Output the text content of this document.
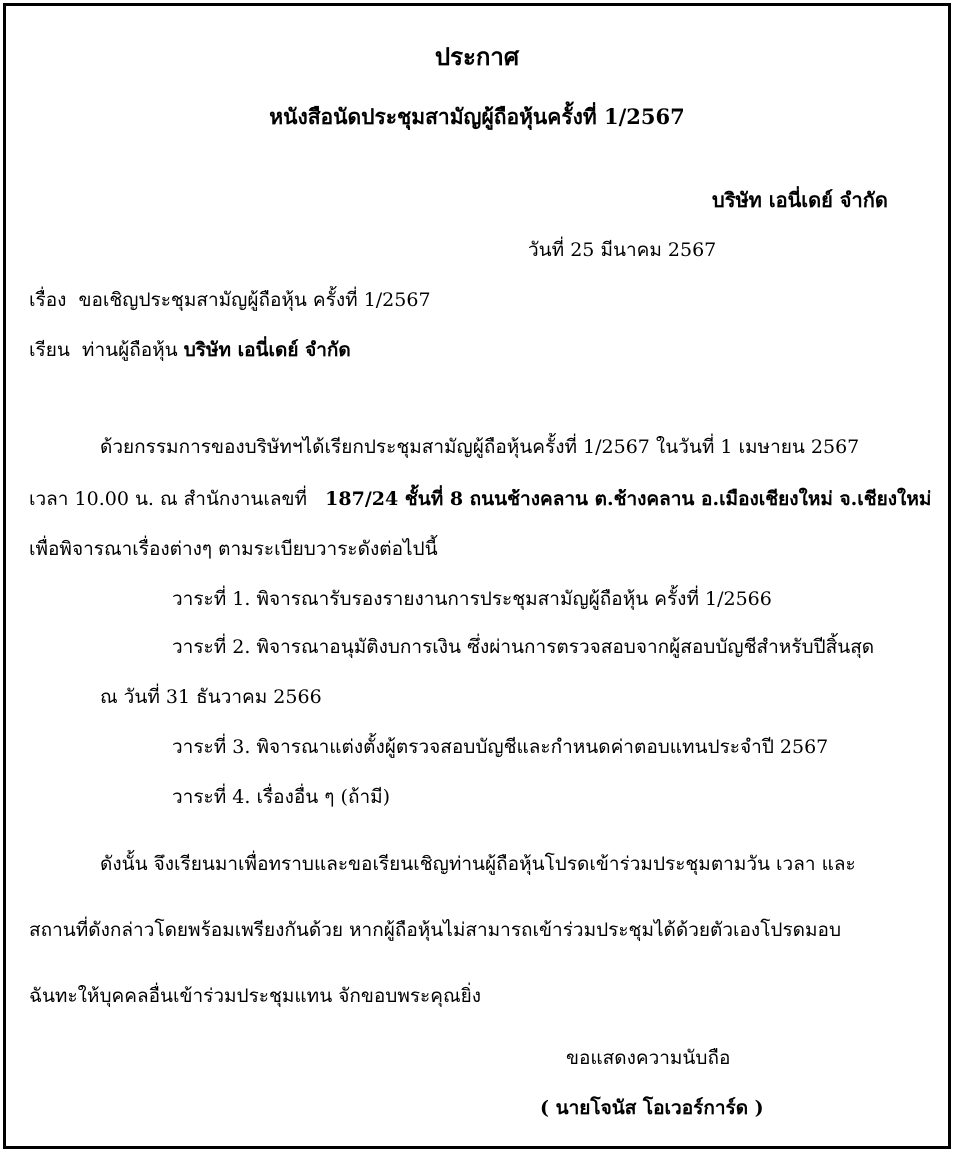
ประกาศ
หนังสือนัดประชุมสามัญผู้ถือหุ้นครั้งที่ 1/2567
บริษัท เอนี่เดย์ จำกัด
วันที่ 25 มีนาคม 2567
เรื่อง ขอเชิญประชุมสามัญผู้ถือหุ้น ครั้งที่ 1/2567
เรียน ท่านผู้ถือหุ้น บริษัท เอนี่เดย์ จำกัด
ด้วยกรรมการของบริษัทฯได้เรียกประชุมสามัญผู้ถือหุ้นครั้งที่ 1/2567 ในวันที่ 1 เมษายน 2567
เวลา 10.00 น. ณ สำนักงานเลขที่ 187/24 ชั้นที่ 8 ถนนช้างคลาน ต.ช้างคลาน อ.เมืองเชียงใหม่ จ.เชียงใหม่
เพื่อพิจารณาเรื่องต่างๆ ตามระเบียบวาระดังต่อไปนี้
วาระที่ 1. พิจารณารับรองรายงานการประชุมสามัญผู้ถือหุ้น ครั้งที่ 1/2566
วาระที่ 2. พิจารณาอนุมัติงบการเงิน ซึ่งผ่านการตรวจสอบจากผู้สอบบัญชีสำหรับปีสิ้นสุด
ณ วันที่ 31 ธันวาคม 2566
วาระที่ 3. พิจารณาแต่งตั้งผู้ตรวจสอบบัญชีและกำหนดค่าตอบแทนประจำปี 2567
วาระที่ 4. เรื่องอื่น ๆ (ถ้ามี)
ดังนั้น จึงเรียนมาเพื่อทราบและขอเรียนเชิญท่านผู้ถือหุ้นโปรดเข้าร่วมประชุมตามวัน เวลา และ
สถานที่ดังกล่าวโดยพร้อมเพรียงกันด้วย หากผู้ถือหุ้นไม่สามารถเข้าร่วมประชุมได้ด้วยตัวเองโปรดมอบ
ฉันทะให้บุคคลอื่นเข้าร่วมประชุมแทน จักขอบพระคุณยิ่ง
ขอแสดงความนับถือ
( นายโจนัส โอเวอร์การ์ด )
